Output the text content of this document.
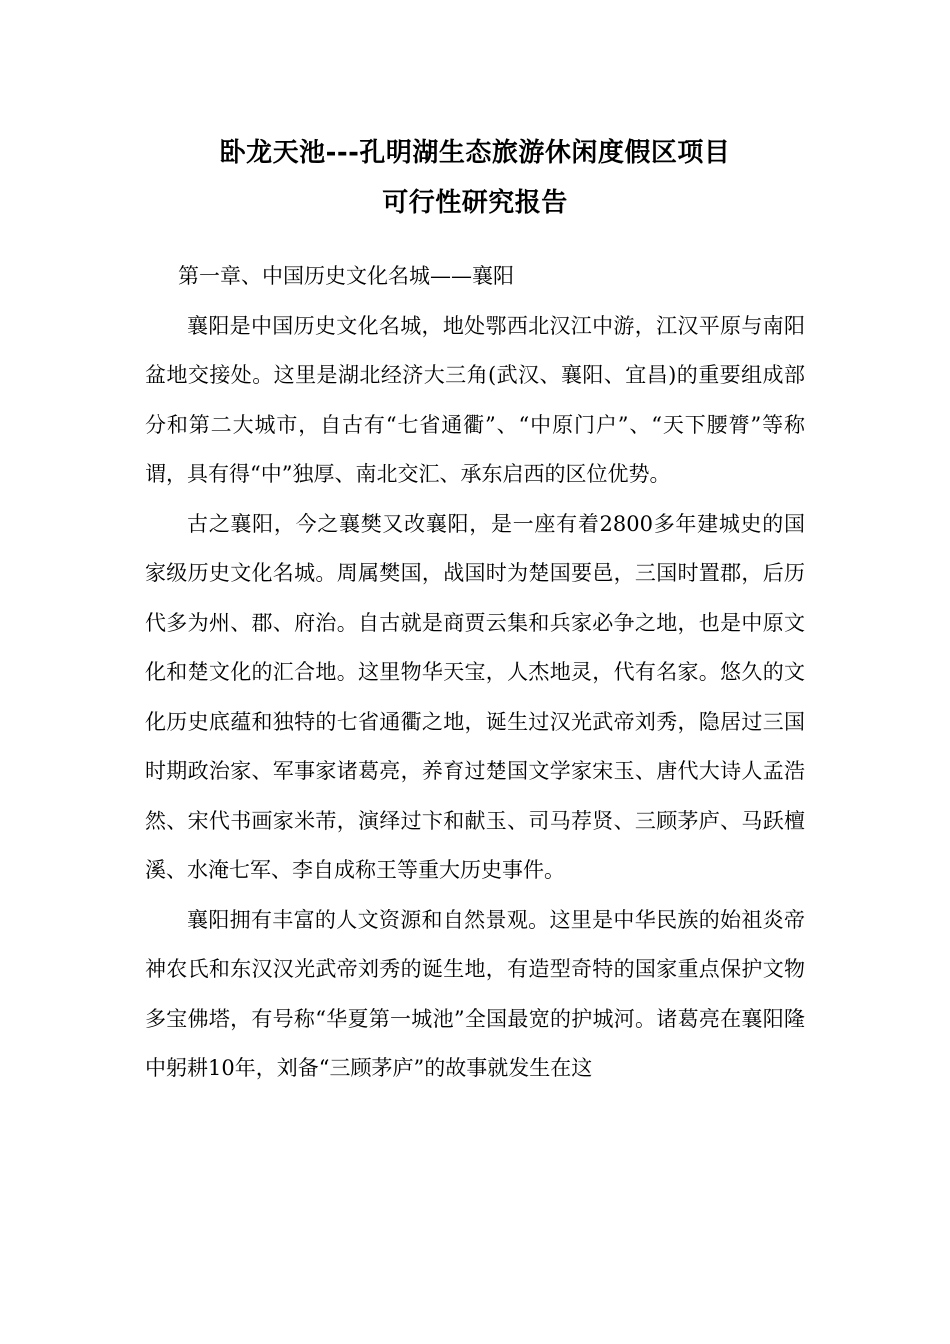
卧龙天池---孔明湖生态旅游休闲度假区项目
可行性研究报告

第一章、中国历史文化名城——襄阳

襄阳是中国历史文化名城，地处鄂西北汉江中游，江汉平原与南阳盆地交接处。这里是湖北经济大三角(武汉、襄阳、宜昌)的重要组成部分和第二大城市，自古有“七省通衢”、“中原门户”、“天下腰膂”等称谓，具有得“中”独厚、南北交汇、承东启西的区位优势。

古之襄阳，今之襄樊又改襄阳，是一座有着2800多年建城史的国家级历史文化名城。周属樊国，战国时为楚国要邑，三国时置郡，后历代多为州、郡、府治。自古就是商贾云集和兵家必争之地，也是中原文化和楚文化的汇合地。这里物华天宝，人杰地灵，代有名家。悠久的文化历史底蕴和独特的七省通衢之地，诞生过汉光武帝刘秀，隐居过三国时期政治家、军事家诸葛亮，养育过楚国文学家宋玉、唐代大诗人孟浩然、宋代书画家米芾，演绎过卞和献玉、司马荐贤、三顾茅庐、马跃檀溪、水淹七军、李自成称王等重大历史事件。

襄阳拥有丰富的人文资源和自然景观。这里是中华民族的始祖炎帝神农氏和东汉汉光武帝刘秀的诞生地，有造型奇特的国家重点保护文物多宝佛塔，有号称“华夏第一城池”全国最宽的护城河。诸葛亮在襄阳隆中躬耕10年，刘备“三顾茅庐”的故事就发生在这
